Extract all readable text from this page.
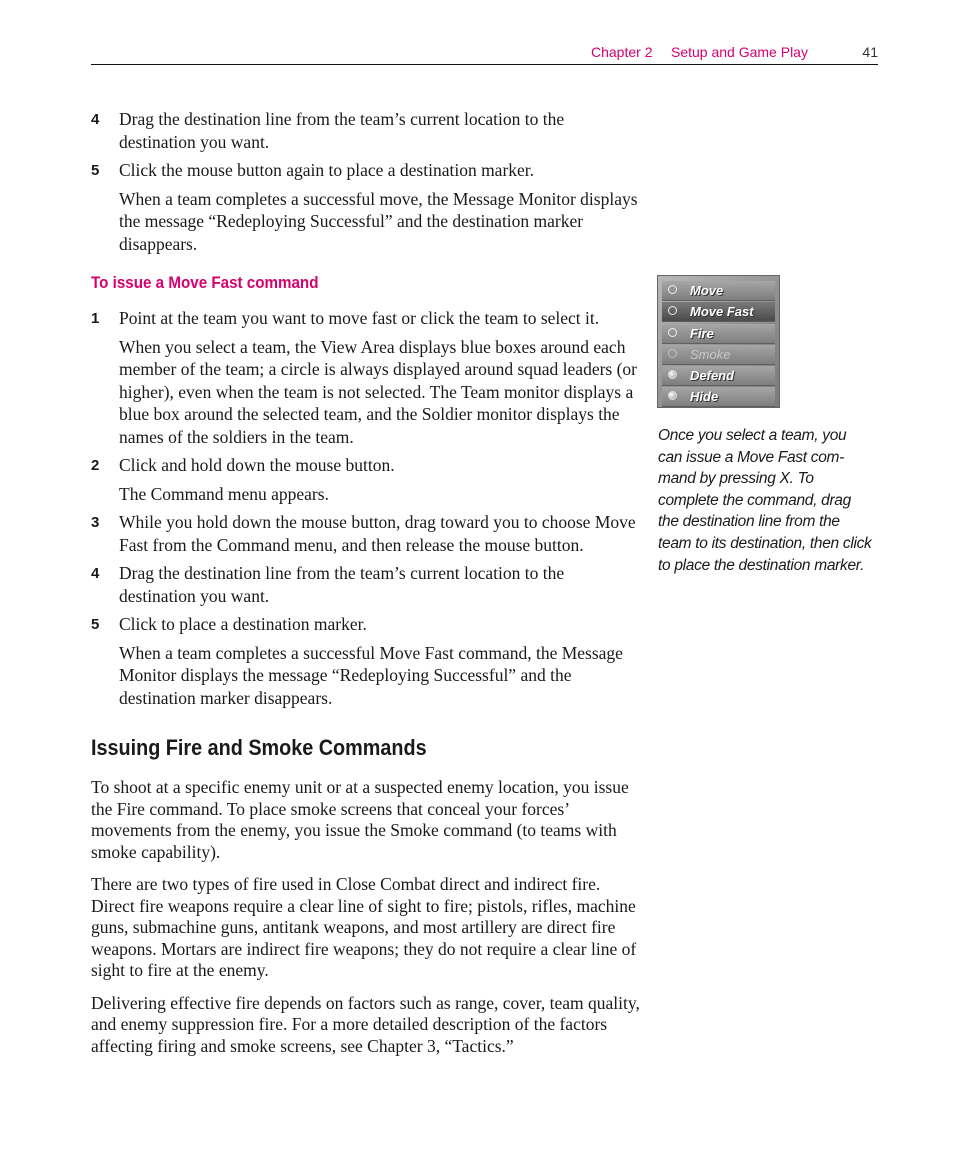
Chapter 2 Setup and Game Play	41
4 Drag the destination line from the team’s current location to the destination you want.
5 Click the mouse button again to place a destination marker.
When a team completes a successful move, the Message Monitor displays the message “Redeploying Successful” and the destination marker disappears.
To issue a Move Fast command
1 Point at the team you want to move fast or click the team to select it.
When you select a team, the View Area displays blue boxes around each member of the team; a circle is always displayed around squad leaders (or higher), even when the team is not selected. The Team monitor displays a blue box around the selected team, and the Soldier monitor displays the names of the soldiers in the team.
2 Click and hold down the mouse button.
The Command menu appears.
3 While you hold down the mouse button, drag toward you to choose Move Fast from the Command menu, and then release the mouse button.
4 Drag the destination line from the team’s current location to the destination you want.
5 Click to place a destination marker.
When a team completes a successful Move Fast command, the Message Monitor displays the message “Redeploying Successful” and the destination marker disappears.
Issuing Fire and Smoke Commands

To shoot at a specific enemy unit or at a suspected enemy location, you issue the Fire command. To place smoke screens that conceal your forces’ movements from the enemy, you issue the Smoke command (to teams with smoke capability).

There are two types of fire used in Close Combat direct and indirect fire. Direct fire weapons require a clear line of sight to fire; pistols, rifles, machine guns, submachine guns, antitank weapons, and most artillery are direct fire weapons. Mortars are indirect fire weapons; they do not require a clear line of sight to fire at the enemy.

Delivering effective fire depends on factors such as range, cover, team quality, and enemy suppression fire. For a more detailed description of the factors affecting firing and smoke screens, see Chapter 3, “Tactics.”

Move
Move Fast
Fire
Smoke
Defend
Hide
Once you select a team, you can issue a Move Fast com-mand by pressing X. To complete the command, drag the destination line from the team to its destination, then click to place the destination marker.
